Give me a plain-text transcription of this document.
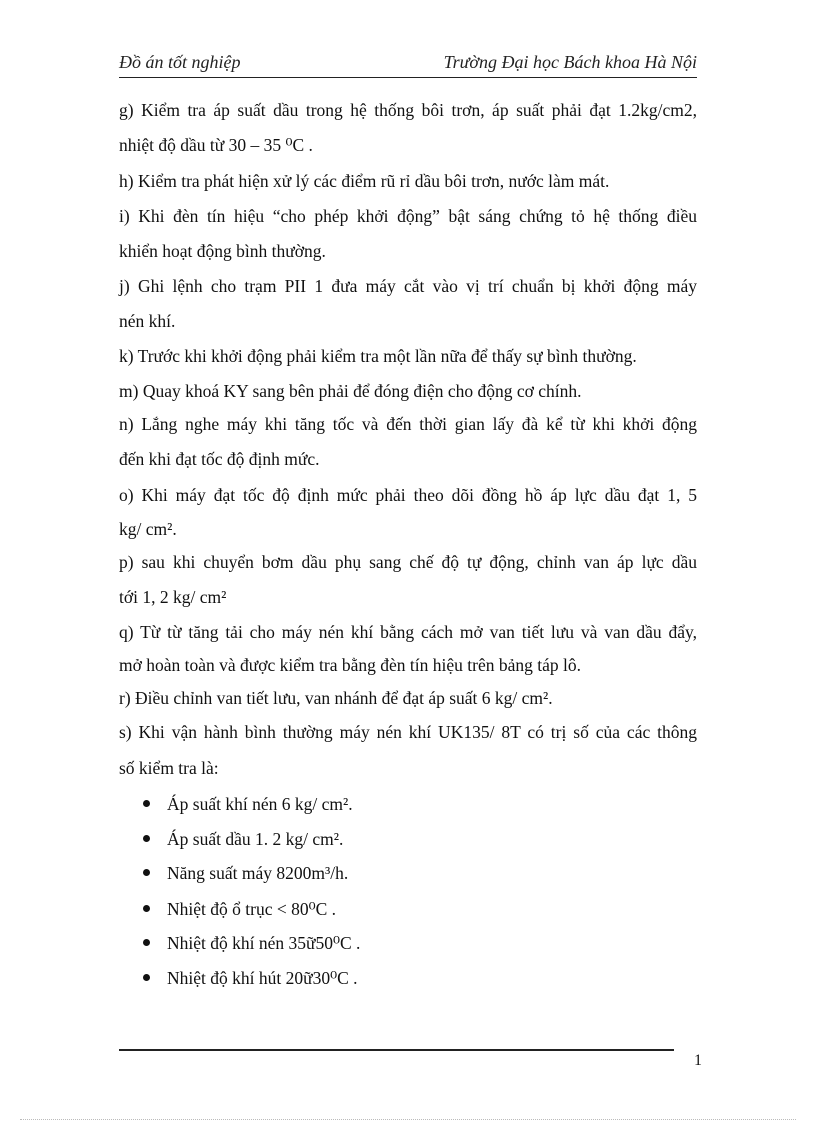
Đồ án tốt nghiệp	Trường Đại học Bách khoa Hà Nội
g) Kiểm tra áp suất dầu trong hệ thống bôi trơn, áp suất phải đạt 1.2kg/cm2,
nhiệt độ dầu từ 30 – 35 ⁰C .
h) Kiểm tra phát hiện xử lý các điểm rũ rỉ dầu bôi trơn, nước làm mát.
i) Khi đèn tín hiệu “cho phép khởi động” bật sáng chứng tỏ hệ thống điều
khiển hoạt động bình thường.
j) Ghi lệnh cho trạm PII 1 đưa máy cắt vào vị trí chuẩn bị khởi động máy
nén khí.
k) Trước khi khởi động phải kiểm tra một lần nữa để thấy sự bình thường.
m) Quay khoá KY sang bên phải để đóng điện cho động cơ chính.
n) Lắng nghe máy khi tăng tốc và đến thời gian lấy đà kể từ khi khởi động
đến khi đạt tốc độ định mức.
o) Khi máy đạt tốc độ định mức phải theo dõi đồng hồ áp lực dầu đạt 1, 5
kg/ cm².
p) sau khi chuyển bơm dầu phụ sang chế độ tự động, chỉnh van áp lực dầu
tới 1, 2 kg/ cm²
q) Từ từ tăng tải cho máy nén khí bằng cách mở van tiết lưu và van dầu đẩy,
mở hoàn toàn và được kiểm tra bằng đèn tín hiệu trên bảng táp lô.
r) Điều chỉnh van tiết lưu, van nhánh để đạt áp suất 6 kg/ cm².
s) Khi vận hành bình thường máy nén khí UK135/ 8T có trị số của các thông
số kiểm tra là:
Áp suất khí nén 6 kg/ cm².
Áp suất dầu 1. 2 kg/ cm².
Năng suất máy 8200m³/h.
Nhiệt độ ổ trục < 80⁰C .
Nhiệt độ khí nén 35ữ50⁰C .
Nhiệt độ khí hút 20ữ30⁰C .
1
